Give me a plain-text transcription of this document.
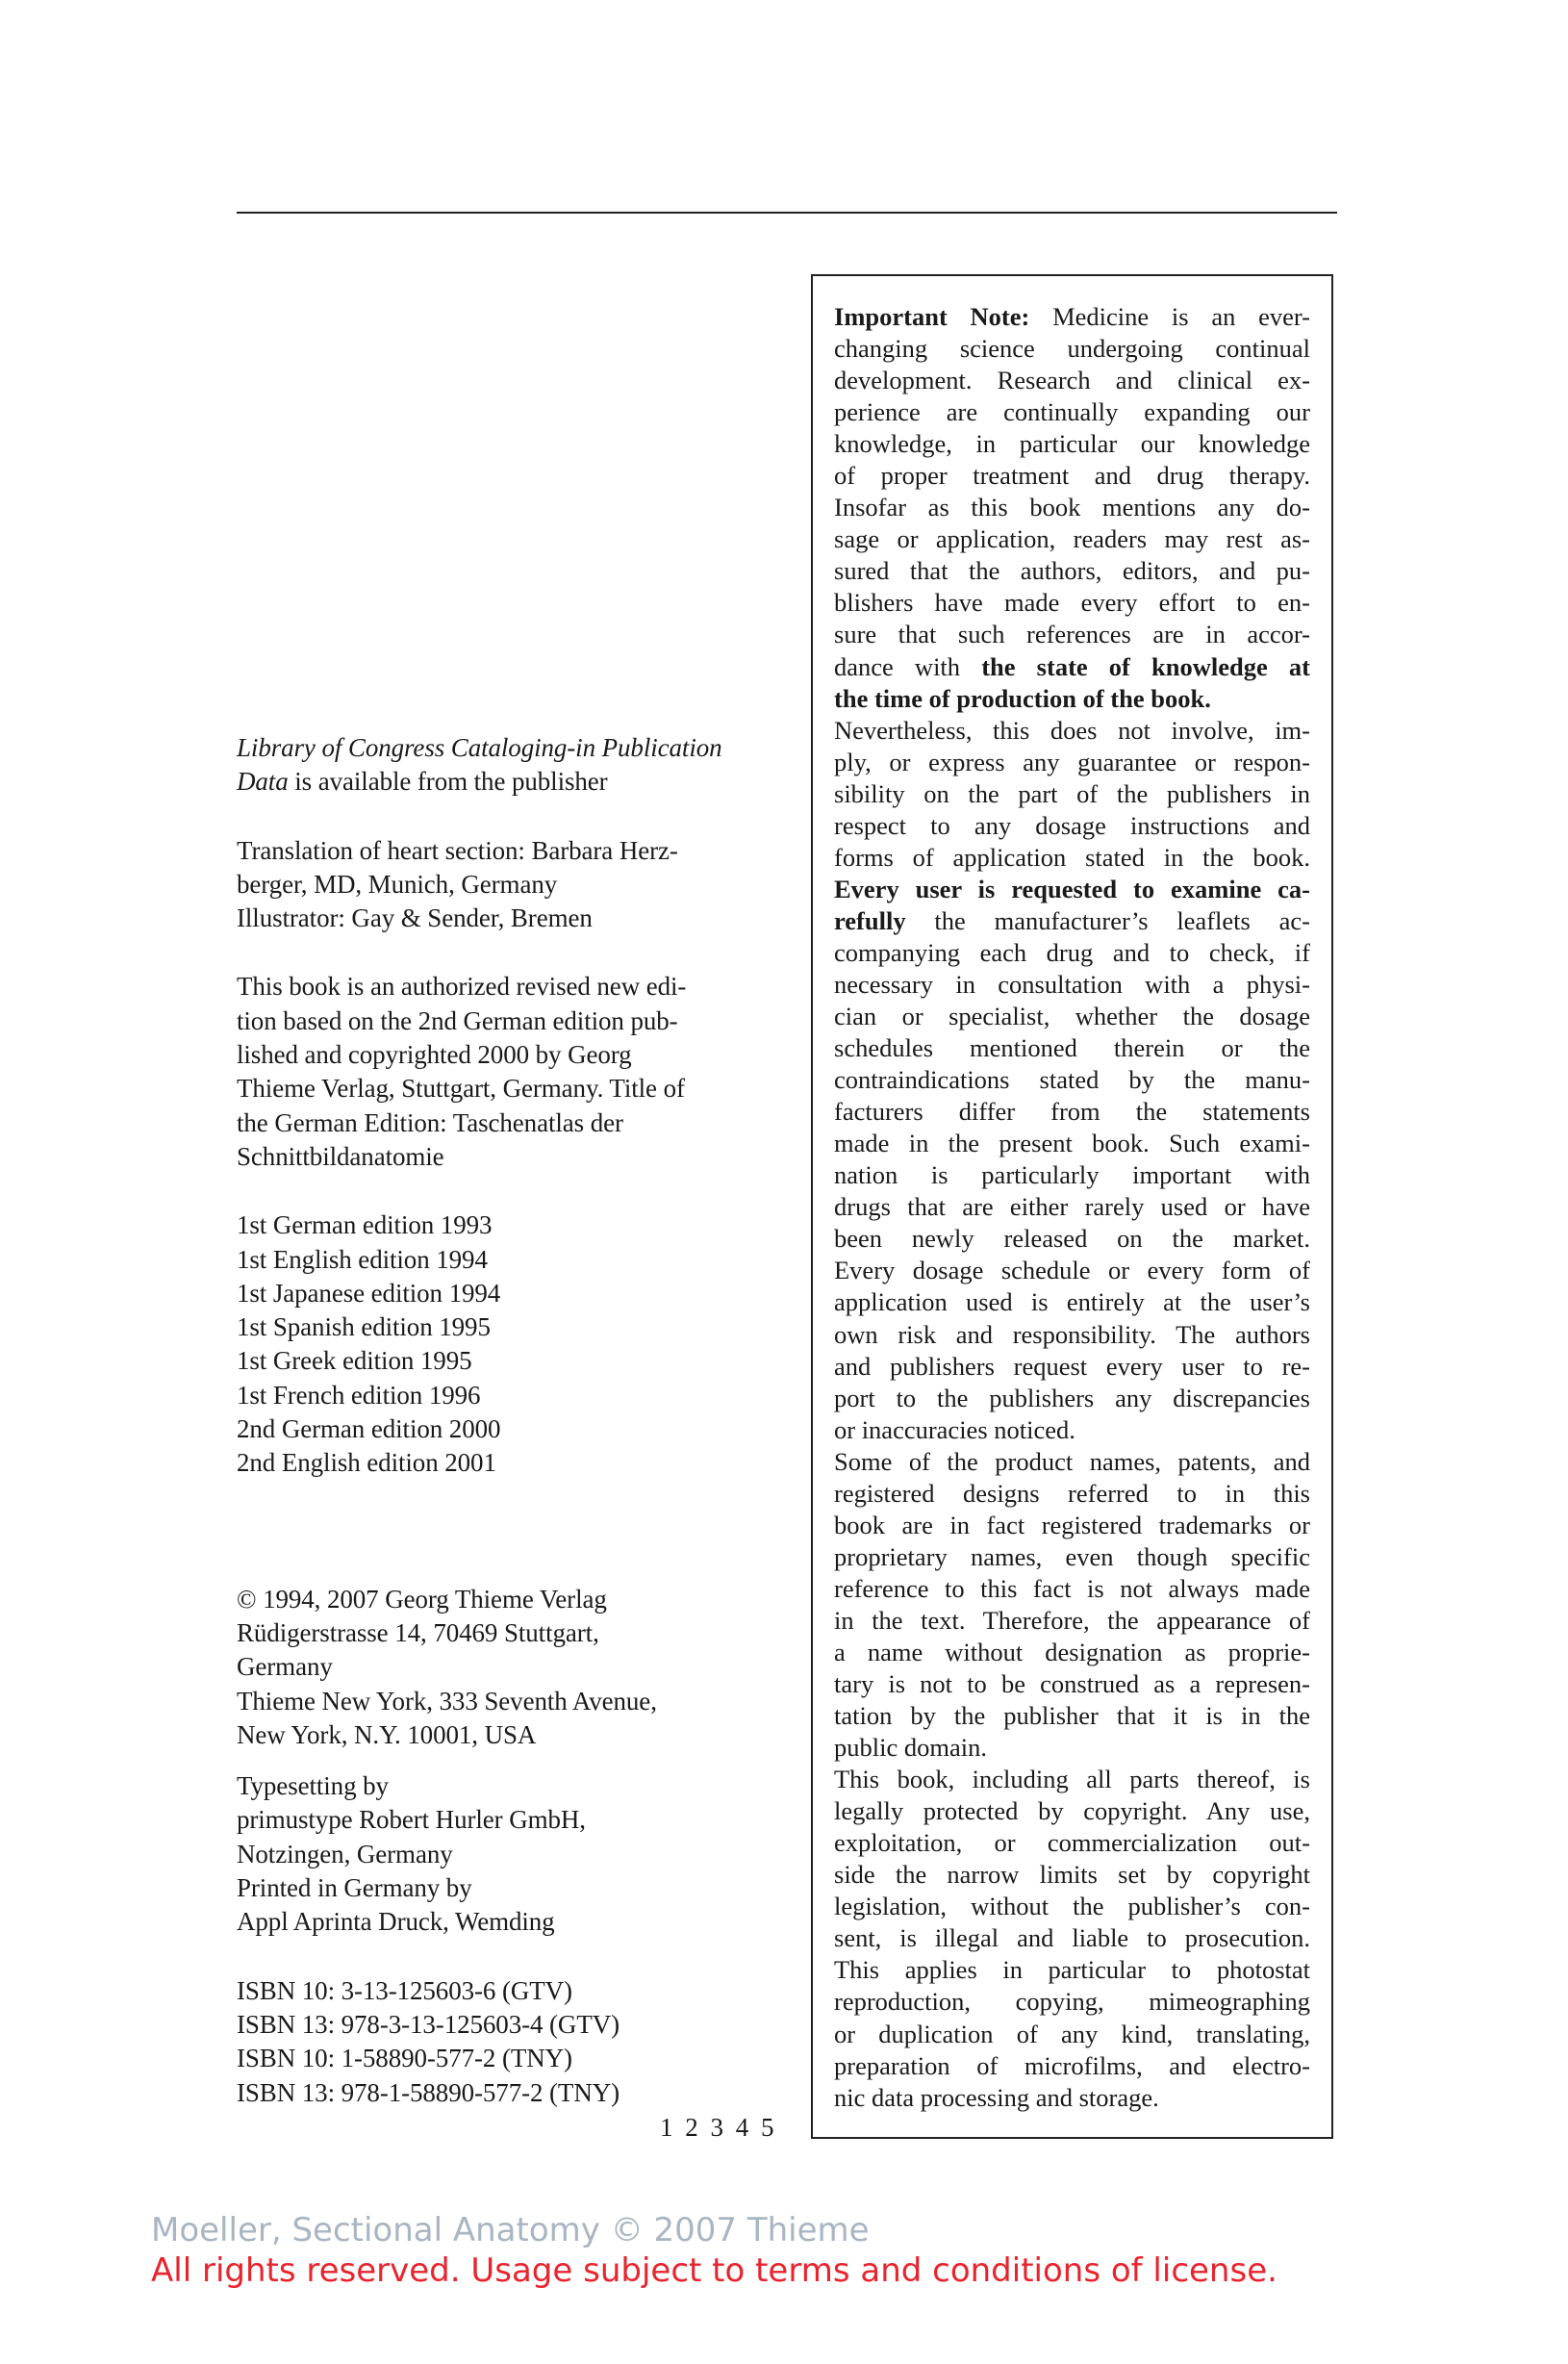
Library of Congress Cataloging-in Publication
Data is available from the publisher

Translation of heart section: Barbara Herz-
berger, MD, Munich, Germany
Illustrator: Gay & Sender, Bremen

This book is an authorized revised new edi-
tion based on the 2nd German edition pub-
lished and copyrighted 2000 by Georg
Thieme Verlag, Stuttgart, Germany. Title of
the German Edition: Taschenatlas der
Schnittbildanatomie

1st German edition 1993
1st English edition 1994
1st Japanese edition 1994
1st Spanish edition 1995
1st Greek edition 1995
1st French edition 1996
2nd German edition 2000
2nd English edition 2001

© 1994, 2007 Georg Thieme Verlag
Rüdigerstrasse 14, 70469 Stuttgart,
Germany
Thieme New York, 333 Seventh Avenue,
New York, N.Y. 10001, USA

Typesetting by
primustype Robert Hurler GmbH,
Notzingen, Germany
Printed in Germany by
Appl Aprinta Druck, Wemding

ISBN 10: 3-13-125603-6 (GTV)
ISBN 13: 978-3-13-125603-4 (GTV)
ISBN 10: 1-58890-577-2 (TNY)
ISBN 13: 978-1-58890-577-2 (TNY)

1 2 3 4 5
Important Note: Medicine is an ever-
changing science undergoing continual
development. Research and clinical ex-
perience are continually expanding our
knowledge, in particular our knowledge
of proper treatment and drug therapy.
Insofar as this book mentions any do-
sage or application, readers may rest as-
sured that the authors, editors, and pu-
blishers have made every effort to en-
sure that such references are in accor-
dance with the state of knowledge at
the time of production of the book.
Nevertheless, this does not involve, im-
ply, or express any guarantee or respon-
sibility on the part of the publishers in
respect to any dosage instructions and
forms of application stated in the book.
Every user is requested to examine ca-
refully the manufacturer’s leaflets ac-
companying each drug and to check, if
necessary in consultation with a physi-
cian or specialist, whether the dosage
schedules mentioned therein or the
contraindications stated by the manu-
facturers differ from the statements
made in the present book. Such exami-
nation is particularly important with
drugs that are either rarely used or have
been newly released on the market.
Every dosage schedule or every form of
application used is entirely at the user’s
own risk and responsibility. The authors
and publishers request every user to re-
port to the publishers any discrepancies
or inaccuracies noticed.
Some of the product names, patents, and
registered designs referred to in this
book are in fact registered trademarks or
proprietary names, even though specific
reference to this fact is not always made
in the text. Therefore, the appearance of
a name without designation as proprie-
tary is not to be construed as a represen-
tation by the publisher that it is in the
public domain.
This book, including all parts thereof, is
legally protected by copyright. Any use,
exploitation, or commercialization out-
side the narrow limits set by copyright
legislation, without the publisher’s con-
sent, is illegal and liable to prosecution.
This applies in particular to photostat
reproduction, copying, mimeographing
or duplication of any kind, translating,
preparation of microfilms, and electro-
nic data processing and storage.
Moeller, Sectional Anatomy © 2007 Thieme
All rights reserved. Usage subject to terms and conditions of license.
